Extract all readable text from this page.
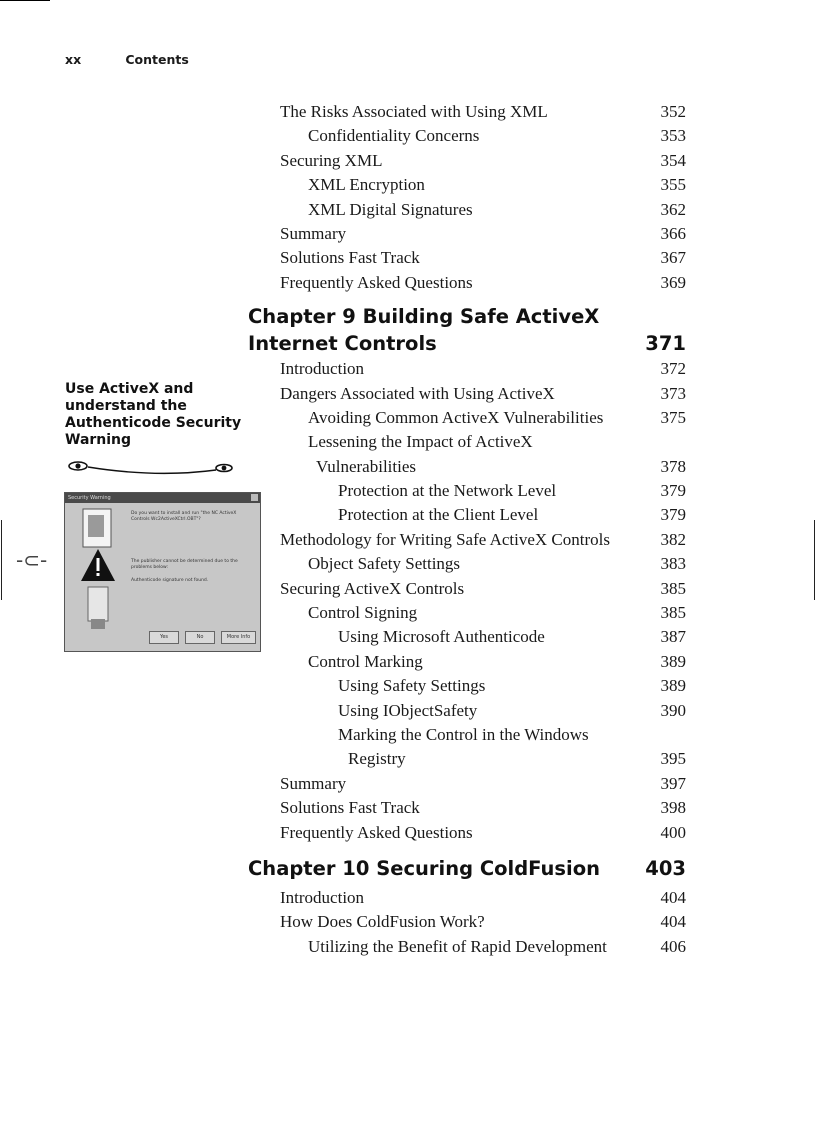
-⊂-
xx	Contents
Use ActiveX and
understand the
Authenticode Security
Warning
Security Warning
Do you want to install and run "the NC ActiveX Controls Wc2ActiveXCtrl.OBT"?
The publisher cannot be determined due to the problems below:
Authenticode signature not found.
Yes	No	More Info
The Risks Associated with Using XML	352
Confidentiality Concerns	353
Securing XML	354
XML Encryption	355
XML Digital Signatures	362
Summary	366
Solutions Fast Track	367
Frequently Asked Questions	369
Chapter 9 Building Safe ActiveX
Internet Controls	371
Introduction	372
Dangers Associated with Using ActiveX	373
Avoiding Common ActiveX Vulnerabilities	375
Lessening the Impact of ActiveX
Vulnerabilities	378
Protection at the Network Level	379
Protection at the Client Level	379
Methodology for Writing Safe ActiveX Controls	382
Object Safety Settings	383
Securing ActiveX Controls	385
Control Signing	385
Using Microsoft Authenticode	387
Control Marking	389
Using Safety Settings	389
Using IObjectSafety	390
Marking the Control in the Windows
Registry	395
Summary	397
Solutions Fast Track	398
Frequently Asked Questions	400
Chapter 10 Securing ColdFusion 403
Introduction	404
How Does ColdFusion Work?	404
Utilizing the Benefit of Rapid Development	406
